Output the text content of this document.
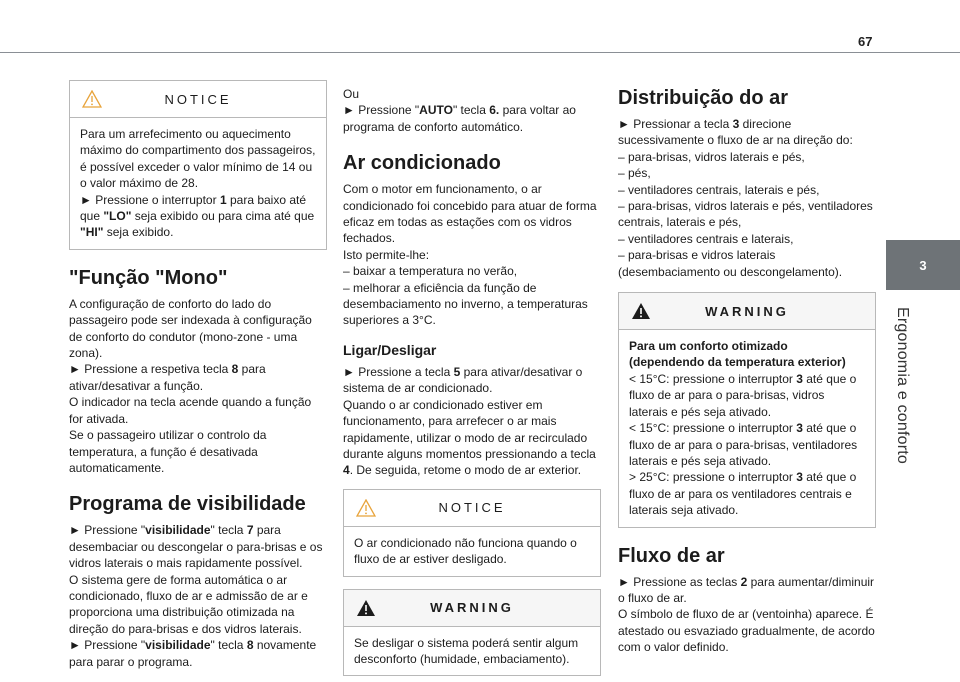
67
3
Ergonomia e conforto
NOTICE

Para um arrefecimento ou aquecimento máximo do compartimento dos passageiros, é possível exceder o valor mínimo de 14 ou o valor máximo de 28.

► Pressione o interruptor 1 para baixo até que "LO" seja exibido ou para cima até que "HI" seja exibido.

"Função "Mono"

A configuração de conforto do lado do passageiro pode ser indexada à configuração de conforto do condutor (mono-zone - uma zona).

► Pressione a respetiva tecla 8 para ativar/desativar a função.

O indicador na tecla acende quando a função for ativada.

Se o passageiro utilizar o controlo da temperatura, a função é desativada automaticamente.

Programa de visibilidade

► Pressione "visibilidade" tecla 7 para desembaciar ou descongelar o para-brisas e os vidros laterais o mais rapidamente possível.

O sistema gere de forma automática o ar condicionado, fluxo de ar e admissão de ar e proporciona uma distribuição otimizada na direção do para-brisas e dos vidros laterais.

► Pressione "visibilidade" tecla 8 novamente para parar o programa.

Ou

► Pressione "AUTO" tecla 6. para voltar ao programa de conforto automático.

Ar condicionado

Com o motor em funcionamento, o ar condicionado foi concebido para atuar de forma eficaz em todas as estações com os vidros fechados.

Isto permite-lhe:

– baixar a temperatura no verão,

– melhorar a eficiência da função de desembaciamento no inverno, a temperaturas superiores a 3°C.

Ligar/Desligar

► Pressione a tecla 5 para ativar/desativar o sistema de ar condicionado.

Quando o ar condicionado estiver em funcionamento, para arrefecer o ar mais rapidamente, utilizar o modo de ar recirculado durante alguns momentos pressionando a tecla 4. De seguida, retome o modo de ar exterior.

NOTICE

O ar condicionado não funciona quando o fluxo de ar estiver desligado.

WARNING

Se desligar o sistema poderá sentir algum desconforto (humidade, embaciamento).

Distribuição do ar

► Pressionar a tecla 3 direcione sucessivamente o fluxo de ar na direção do:

– para-brisas, vidros laterais e pés,

– pés,

– ventiladores centrais, laterais e pés,

– para-brisas, vidros laterais e pés, ventiladores centrais, laterais e pés,

– ventiladores centrais e laterais,

– para-brisas e vidros laterais (desembaciamento ou descongelamento).

WARNING

Para um conforto otimizado (dependendo da temperatura exterior)

< 15°C: pressione o interruptor 3 até que o fluxo de ar para o para-brisas, vidros laterais e pés seja ativado.

< 15°C: pressione o interruptor 3 até que o fluxo de ar para o para-brisas, ventiladores laterais e pés seja ativado.

> 25°C: pressione o interruptor 3 até que o fluxo de ar para os ventiladores centrais e laterais seja ativado.

Fluxo de ar

► Pressione as teclas 2 para aumentar/diminuir o fluxo de ar.

O símbolo de fluxo de ar (ventoinha) aparece. É atestado ou esvaziado gradualmente, de acordo com o valor definido.
